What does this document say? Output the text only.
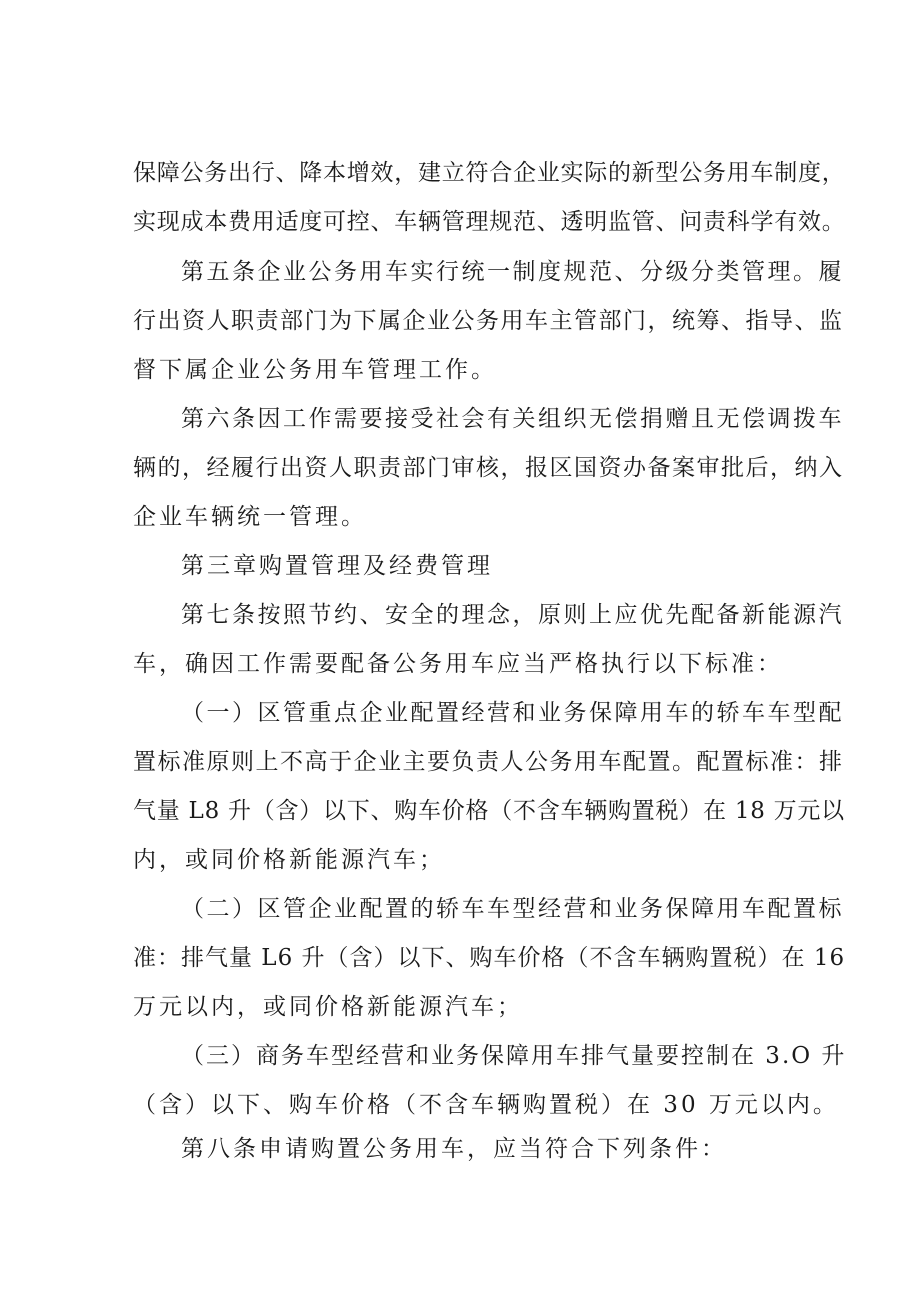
保障公务出行、降本增效，建立符合企业实际的新型公务用车制度，
实现成本费用适度可控、车辆管理规范、透明监管、问责科学有效。
第五条企业公务用车实行统一制度规范、分级分类管理。履
行出资人职责部门为下属企业公务用车主管部门，统筹、指导、监
督下属企业公务用车管理工作。
第六条因工作需要接受社会有关组织无偿捐赠且无偿调拨车
辆的，经履行出资人职责部门审核，报区国资办备案审批后，纳入
企业车辆统一管理。
第三章购置管理及经费管理
第七条按照节约、安全的理念，原则上应优先配备新能源汽
车，确因工作需要配备公务用车应当严格执行以下标准：
（一）区管重点企业配置经营和业务保障用车的轿车车型配
置标准原则上不高于企业主要负责人公务用车配置。配置标准：排
气量 L8 升（含）以下、购车价格（不含车辆购置税）在 18 万元以
内，或同价格新能源汽车；
（二）区管企业配置的轿车车型经营和业务保障用车配置标
准：排气量 L6 升（含）以下、购车价格（不含车辆购置税）在 16
万元以内，或同价格新能源汽车；
（三）商务车型经营和业务保障用车排气量要控制在 3.O 升
（含）以下、购车价格（不含车辆购置税）在 30 万元以内。
第八条申请购置公务用车，应当符合下列条件：
